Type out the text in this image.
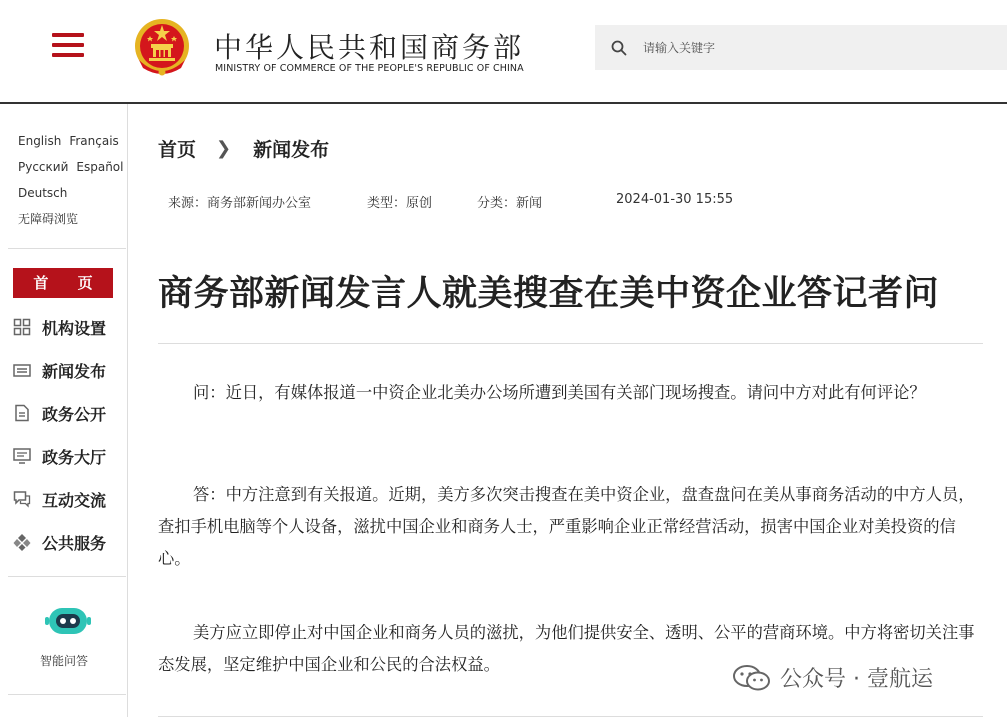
中华人民共和国商务部
MINISTRY OF COMMERCE OF THE PEOPLE'S REPUBLIC OF CHINA
请输入关键字
English Français
Русский Español
Deutsch
无障碍浏览
首 页
机构设置
新闻发布
政务公开
政务大厅
互动交流
公共服务
智能问答
首页 ❯ 新闻发布
来源：商务部新闻办公室	类型：原创	分类：新闻	2024-01-30 15:55
商务部新闻发言人就美搜查在美中资企业答记者问

问：近日，有媒体报道一中资企业北美办公场所遭到美国有关部门现场搜查。请问中方对此有何评论？

答：中方注意到有关报道。近期，美方多次突击搜查在美中资企业，盘查盘问在美从事商务活动的中方人员，查扣手机电脑等个人设备，滋扰中国企业和商务人士，严重影响企业正常经营活动，损害中国企业对美投资的信心。

美方应立即停止对中国企业和商务人员的滋扰，为他们提供安全、透明、公平的营商环境。中方将密切关注事态发展，坚定维护中国企业和公民的合法权益。

公众号 · 壹航运
